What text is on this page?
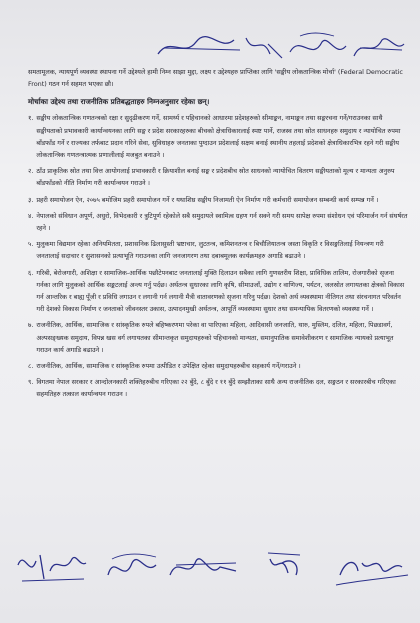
समतामूलक, न्यायपूर्ण व्यवस्था स्थापना गर्ने उद्देश्यले हामी निम्न साझा मुद्दा, लक्ष्य र उद्देश्यहरु प्राप्तिका लागि 'सङ्घीय लोकतान्त्रिक मोर्चा' (Federal Democratic Front) गठन गर्न सहमत भएका छौ।

मोर्चाका उद्देश्य तथा राजनीतिक प्रतिबद्धताहरु निम्नअनुसार रहेका छन्।

१. सङ्घीय लोकतान्त्रिक गणतन्त्रको रक्षा र सुदृढीकरण गर्ने, सामर्थ्य र पहिचानको आधारमा प्रदेशहरुको सीमाङ्कन, नामाङ्कन तथा सङ्घरचना गर्ने/गराउनका साथै सङ्घीयताको प्रभावकारी कार्यान्वयनका लागि सङ्घ र प्रदेश सरकारहरुका बीचको क्षेत्राधिकारलाई स्पष्ट पार्ने, राजस्व तथा स्रोत साधनहरु समुदाय र न्यायोचित रुपमा बाँडफाँड गर्ने र राज्यका तर्फबाट प्रदान गरिने सेवा, सुविधाहरु जनताका पुग्दाउन प्रदेशलाई सक्षम बनाई स्थानीय तहलाई प्रदेशको क्षेत्राधिकारभित्र रहने गरी सङ्घीय लोकतान्त्रिक गणतन्त्रात्मक प्रणालीलाई मजबुत बनाउने ।
२. ठाँउ प्राकृतिक स्रोत तथा वित्त आयोगलाई प्रभावकारी र क्रियाशील बनाई सङ्घ र प्रदेशबीच स्रोत साधनको न्यायोचित वितरण सङ्घीयताको मूल्य र मान्यता अनुरुप बाँडफाँडको नीति निर्माण गरी कार्यान्वयन गराउने ।
३. प्रहरी समायोजन ऐन, २०७५ बमोजिम प्रहरी समायोजन गर्ने र यथाशिघ्र सङ्घीय निजामती ऐन निर्माण गरी कर्मचारी समायोजन सम्बन्धी कार्य सम्पन्न गर्ने ।
४. नेपालको संविधान अपूर्ण, अधुरो, विभेदकारी र त्रुटिपूर्ण रहेकोले सबै समुदायले स्वामित्व ग्रहण गर्न सक्ने गरी समय सापेक्ष रुपमा संशोधन एवं परिमार्जन गर्न संघर्षरत रहने ।
५. मुलुकमा विद्यमान रहेका अनियमितता, प्रशासनिक ढिलासुस्ती भ्रष्टाचार, लुटतन्त्र, कमिशनतन्त्र र बिचौलियातन्त्र जस्ता विकृति र विसङ्गतिलाई नियन्त्रण गरी जनतालाई सदाचार र सुशासनको प्रत्याभूति गराउनका लागि जनजागरण तथा दबाबमूलक कार्यक्रमहरु अगाडि बढाउने ।
६. गरिबी, बेरोजगारी, अशिक्षा र सामाजिक-आर्थिक पछौटेपनबाट जनतालाई मुक्ति दिलाउन सबैका लागि गुणस्तरीय शिक्षा, प्राविधिक तालिम, रोजगारीको सृजना गर्नका लागि मुलुकको आर्थिक सङ्कटलाई अन्त्य गर्नु पर्दछ। अर्थतन्त्र सुधारका लागि कृषि, सीमाउजाँ, उद्योग र वाणिज्य, पर्यटन, जलस्रोत लगायतका क्षेत्रको विकास गर्न आन्तरिक र बाह्य पूँजी र प्रविधि लगाउन र लगानी गर्न लगानी मैत्री वातावरणको सृजना गरिनु पर्दछ। देशको अर्थ व्यवस्थामा नीतिगत तथा संरचनागत परिवर्तन गरी देशको विकास निर्माण र जनताको जीवनस्तर उकास, उत्पादनमुखी अर्थतन्त्र, आपूर्ति व्यवस्थामा सुधार तथा समन्यायिक वितरणको व्यवस्था गर्ने ।
७. राजनीतिक, आर्थिक, सामाजिक र सांस्कृतिक रुपले बहिष्करणमा परेका वा पारिएका महिला, आदिवासी जनजाति, थारु, मुस्लिम, दलित, महिला, पिछडावर्ग, अल्पसङ्ख्यक समुदाय, विपन्न खस वर्ग लगायतका सीमान्तकृत समुदायहरुको पहिचानको मान्यता, समानुपातिक समावेशीकरण र सामाजिक न्यायको प्रत्याभूत गराउन कार्य अगाडि बढाउने ।
८. राजनीतिक, आर्थिक, सामाजिक र सांस्कृतिक रुपमा उत्पीडित र उपेक्षित रहेका समुदायहरुबीच सहकार्य गर्ने/गराउने ।
९. विगतमा नेपाल सरकार र आन्दोलनकारी शक्तिहरुबीच गरिएका २२ बुँदे, ८ बुँदे र ११ बुँदे सम्झौताका साथै अन्य राजनीतिक दल, सङ्गठन र सरकारबीच गरिएका सहमतिहरु तत्काल कार्यान्वयन गराउन ।
